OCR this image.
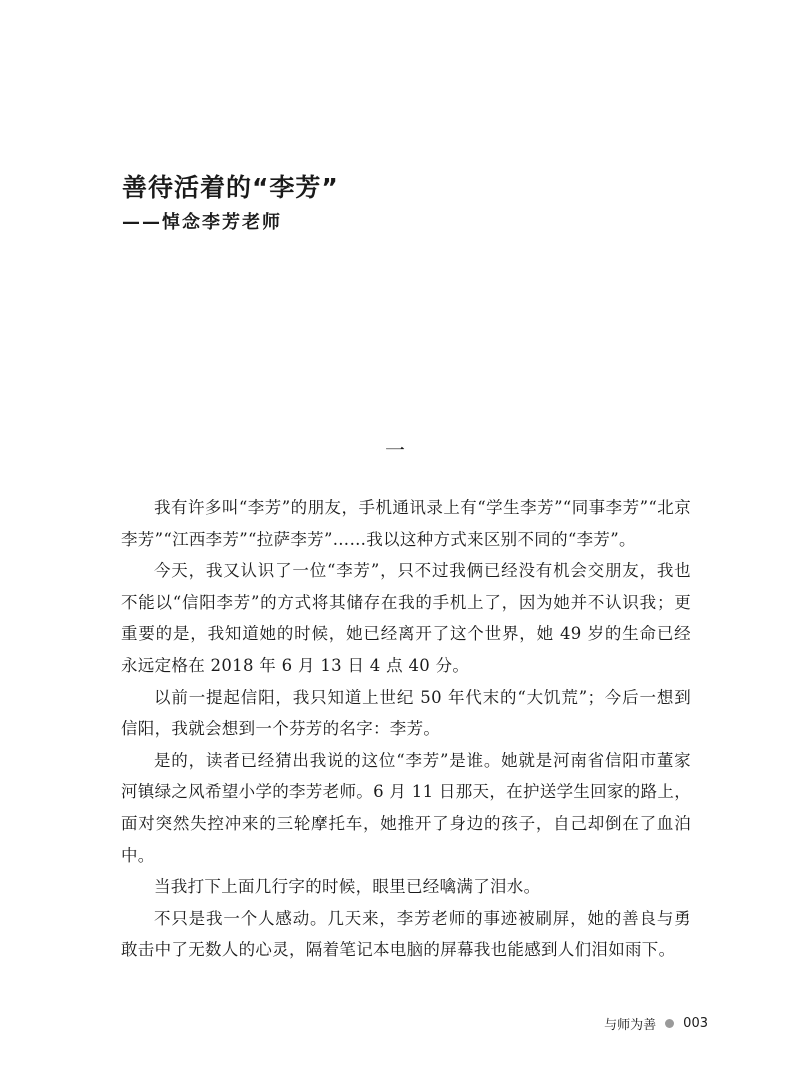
善待活着的“李芳”
——悼念李芳老师
一

我有许多叫“李芳”的朋友，手机通讯录上有“学生李芳”“同事李芳”“北京李芳”“江西李芳”“拉萨李芳”……我以这种方式来区别不同的“李芳”。

今天，我又认识了一位“李芳”，只不过我俩已经没有机会交朋友，我也不能以“信阳李芳”的方式将其储存在我的手机上了，因为她并不认识我；更重要的是，我知道她的时候，她已经离开了这个世界，她 49 岁的生命已经永远定格在 2018 年 6 月 13 日 4 点 40 分。

以前一提起信阳，我只知道上世纪 50 年代末的“大饥荒”；今后一想到信阳，我就会想到一个芬芳的名字：李芳。

是的，读者已经猜出我说的这位“李芳”是谁。她就是河南省信阳市董家河镇绿之风希望小学的李芳老师。6 月 11 日那天，在护送学生回家的路上，面对突然失控冲来的三轮摩托车，她推开了身边的孩子，自己却倒在了血泊中。

当我打下上面几行字的时候，眼里已经噙满了泪水。

不只是我一个人感动。几天来，李芳老师的事迹被刷屏，她的善良与勇敢击中了无数人的心灵，隔着笔记本电脑的屏幕我也能感到人们泪如雨下。

与师为善 003
